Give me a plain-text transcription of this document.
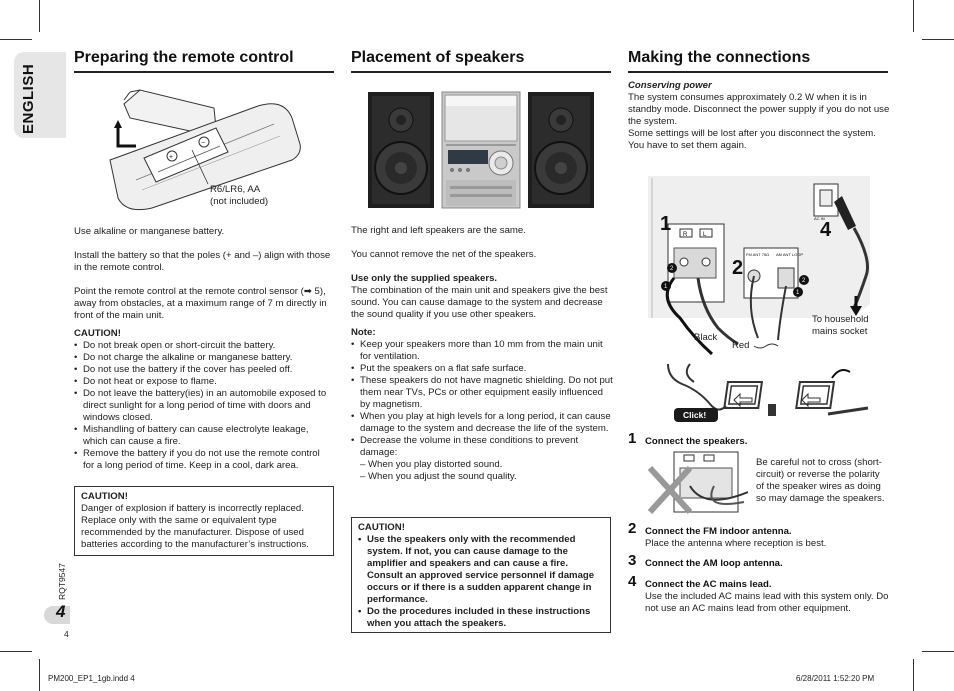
ENGLISH
RQT9547
4
4
Preparing the remote control
+
−
R6/LR6, AA
(not included)

Use alkaline or manganese battery.

Install the battery so that the poles (+ and –) align with those in the remote control.

Point the remote control at the remote control sensor (➡ 5), away from obstacles, at a maximum range of 7 m directly in front of the main unit.

CAUTION!

• Do not break open or short-circuit the battery.
• Do not charge the alkaline or manganese battery.
• Do not use the battery if the cover has peeled off.
• Do not heat or expose to flame.
• Do not leave the battery(ies) in an automobile exposed to direct sunlight for a long period of time with doors and windows closed.
• Mishandling of battery can cause electrolyte leakage, which can cause a fire.
• Remove the battery if you do not use the remote control for a long period of time. Keep in a cool, dark area.
CAUTION!
Danger of explosion if battery is incorrectly replaced. Replace only with the same or equivalent type recommended by the manufacturer. Dispose of used batteries according to the manufacturer’s instructions.
Placement of speakers

The right and left speakers are the same.

You cannot remove the net of the speakers.

Use only the supplied speakers.

The combination of the main unit and speakers give the best sound. You can cause damage to the system and decrease the sound quality if you use other speakers.

Note:

• Keep your speakers more than 10 mm from the main unit for ventilation.
• Put the speakers on a flat safe surface.
• These speakers do not have magnetic shielding. Do not put them near TVs, PCs or other equipment easily influenced by magnetism.
• When you play at high levels for a long period, it can cause damage to the system and decrease the life of the system.
• Decrease the volume in these conditions to prevent damage:
– When you play distorted sound.
– When you adjust the sound quality.
CAUTION!
• Use the speakers only with the recommended system. If not, you can cause damage to the amplifier and speakers and can cause a fire. Consult an approved service personnel if damage occurs or if there is a sudden apparent change in performance.
• Do the procedures included in these instructions when you attach the speakers.
Making the connections

Conserving power

The system consumes approximately 0.2 W when it is in standby mode. Disconnect the power supply if you do not use the system.

Some settings will be lost after you disconnect the system. You have to set them again.

R	L
2
1
1
2
FM ANT 75Ω AM ANT LOOP
2
1
AC IN
4
Black
Red
To household
mains socket
Click!
1 Connect the speakers.
Be careful not to cross (short-circuit) or reverse the polarity of the speaker wires as doing so may damage the speakers.
2 Connect the FM indoor antenna.
Place the antenna where reception is best.
3 Connect the AM loop antenna.
4 Connect the AC mains lead.
Use the included AC mains lead with this system only. Do not use an AC mains lead from other equipment.
PM200_EP1_1gb.indd 4	6/28/2011 1:52:20 PM
